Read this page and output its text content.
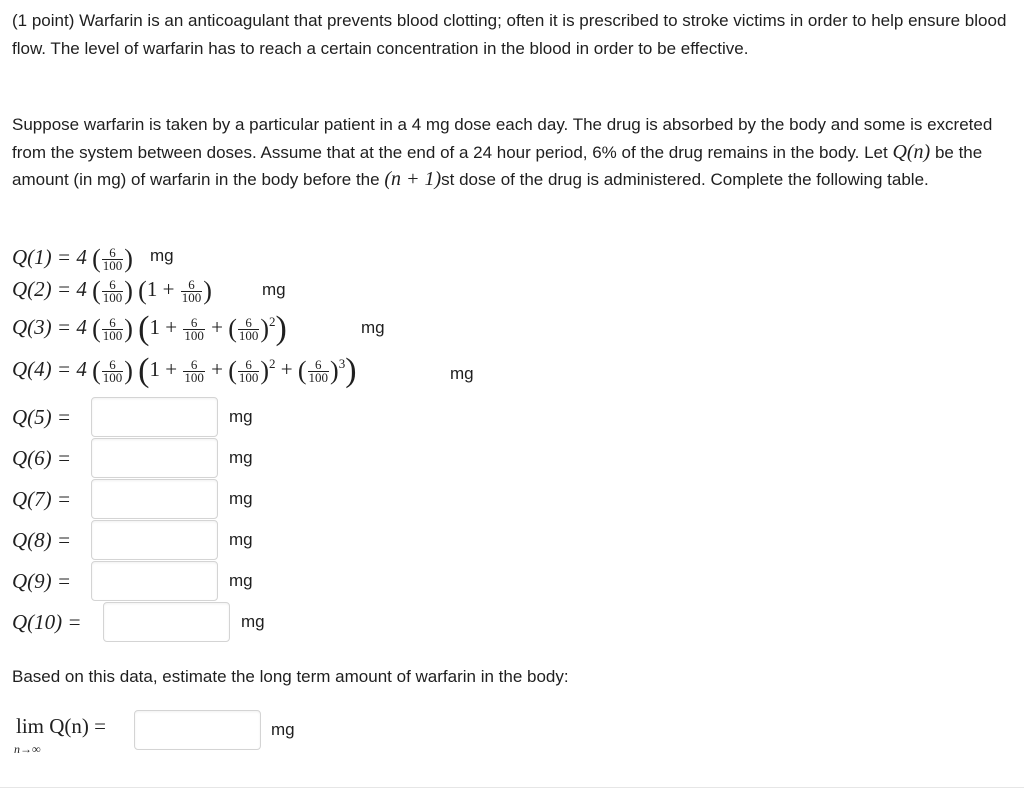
(1 point) Warfarin is an anticoagulant that prevents blood clotting; often it is prescribed to stroke victims in order to help ensure blood flow. The level of warfarin has to reach a certain concentration in the blood in order to be effective.

Suppose warfarin is taken by a particular patient in a 4 mg dose each day. The drug is absorbed by the body and some is excreted from the system between doses. Assume that at the end of a 24 hour period, 6% of the drug remains in the body. Let Q(n) be the amount (in mg) of warfarin in the body before the (n + 1)st dose of the drug is administered. Complete the following table.

Q(1) = 4 ( $\frac{6}{100}$ ) mg
Q(2) = 4 ( $\frac{6}{100}$ ) ($1 + \frac{6}{100}$ )	mg
Q(3) = 4 ( $\frac{6}{100}$ ) ($1 + \frac{6}{100}$ + ( $\frac{6}{100} )^2$)	mg
Q(4) = 4 ( $\frac{6}{100}$ ) ($1 + \frac{6}{100}$ + ( $\frac{6}{100} )^2$ + ( $\frac{6}{100} )^3$)	mg
Q(5) =	mg
Q(6) =	mg
Q(7) =	mg
Q(8) =	mg
Q(9) =	mg
Q(10) =	mg

Based on this data, estimate the long term amount of warfarin in the body:

lim Q(n) =
n→∞
mg
